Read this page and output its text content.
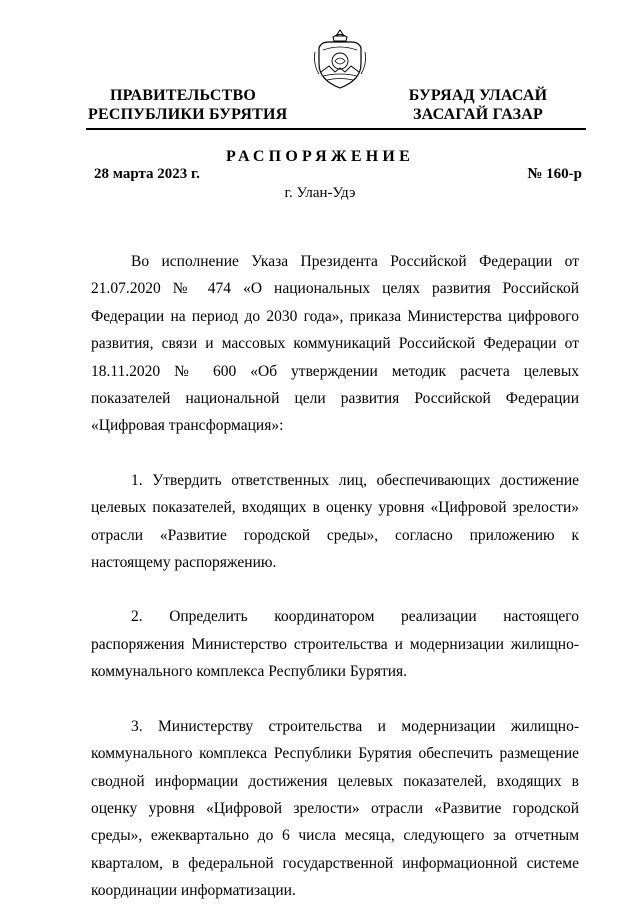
ПРАВИТЕЛЬСТВО
РЕСПУБЛИКИ БУРЯТИЯ
БУРЯАД УЛАСАЙ
ЗАСАГАЙ ГАЗАР
РАСПОРЯЖЕНИЕ
28 марта 2023 г.	№ 160-р
г. Улан-Удэ

Во исполнение Указа Президента Российской Федерации от 21.07.2020 № 474 «О национальных целях развития Российской Федерации на период до 2030 года», приказа Министерства цифрового развития, связи и массовых коммуникаций Российской Федерации от 18.11.2020 № 600 «Об утверждении методик расчета целевых показателей национальной цели развития Российской Федерации «Цифровая трансформация»:

1. Утвердить ответственных лиц, обеспечивающих достижение целевых показателей, входящих в оценку уровня «Цифровой зрелости» отрасли «Развитие городской среды», согласно приложению к настоящему распоряжению.

2. Определить координатором реализации настоящего распоряжения Министерство строительства и модернизации жилищно-коммунального комплекса Республики Бурятия.

3. Министерству строительства и модернизации жилищно-коммунального комплекса Республики Бурятия обеспечить размещение сводной информации достижения целевых показателей, входящих в оценку уровня «Цифровой зрелости» отрасли «Развитие городской среды», ежеквартально до 6 числа месяца, следующего за отчетным кварталом, в федеральной государственной информационной системе координации информатизации.
